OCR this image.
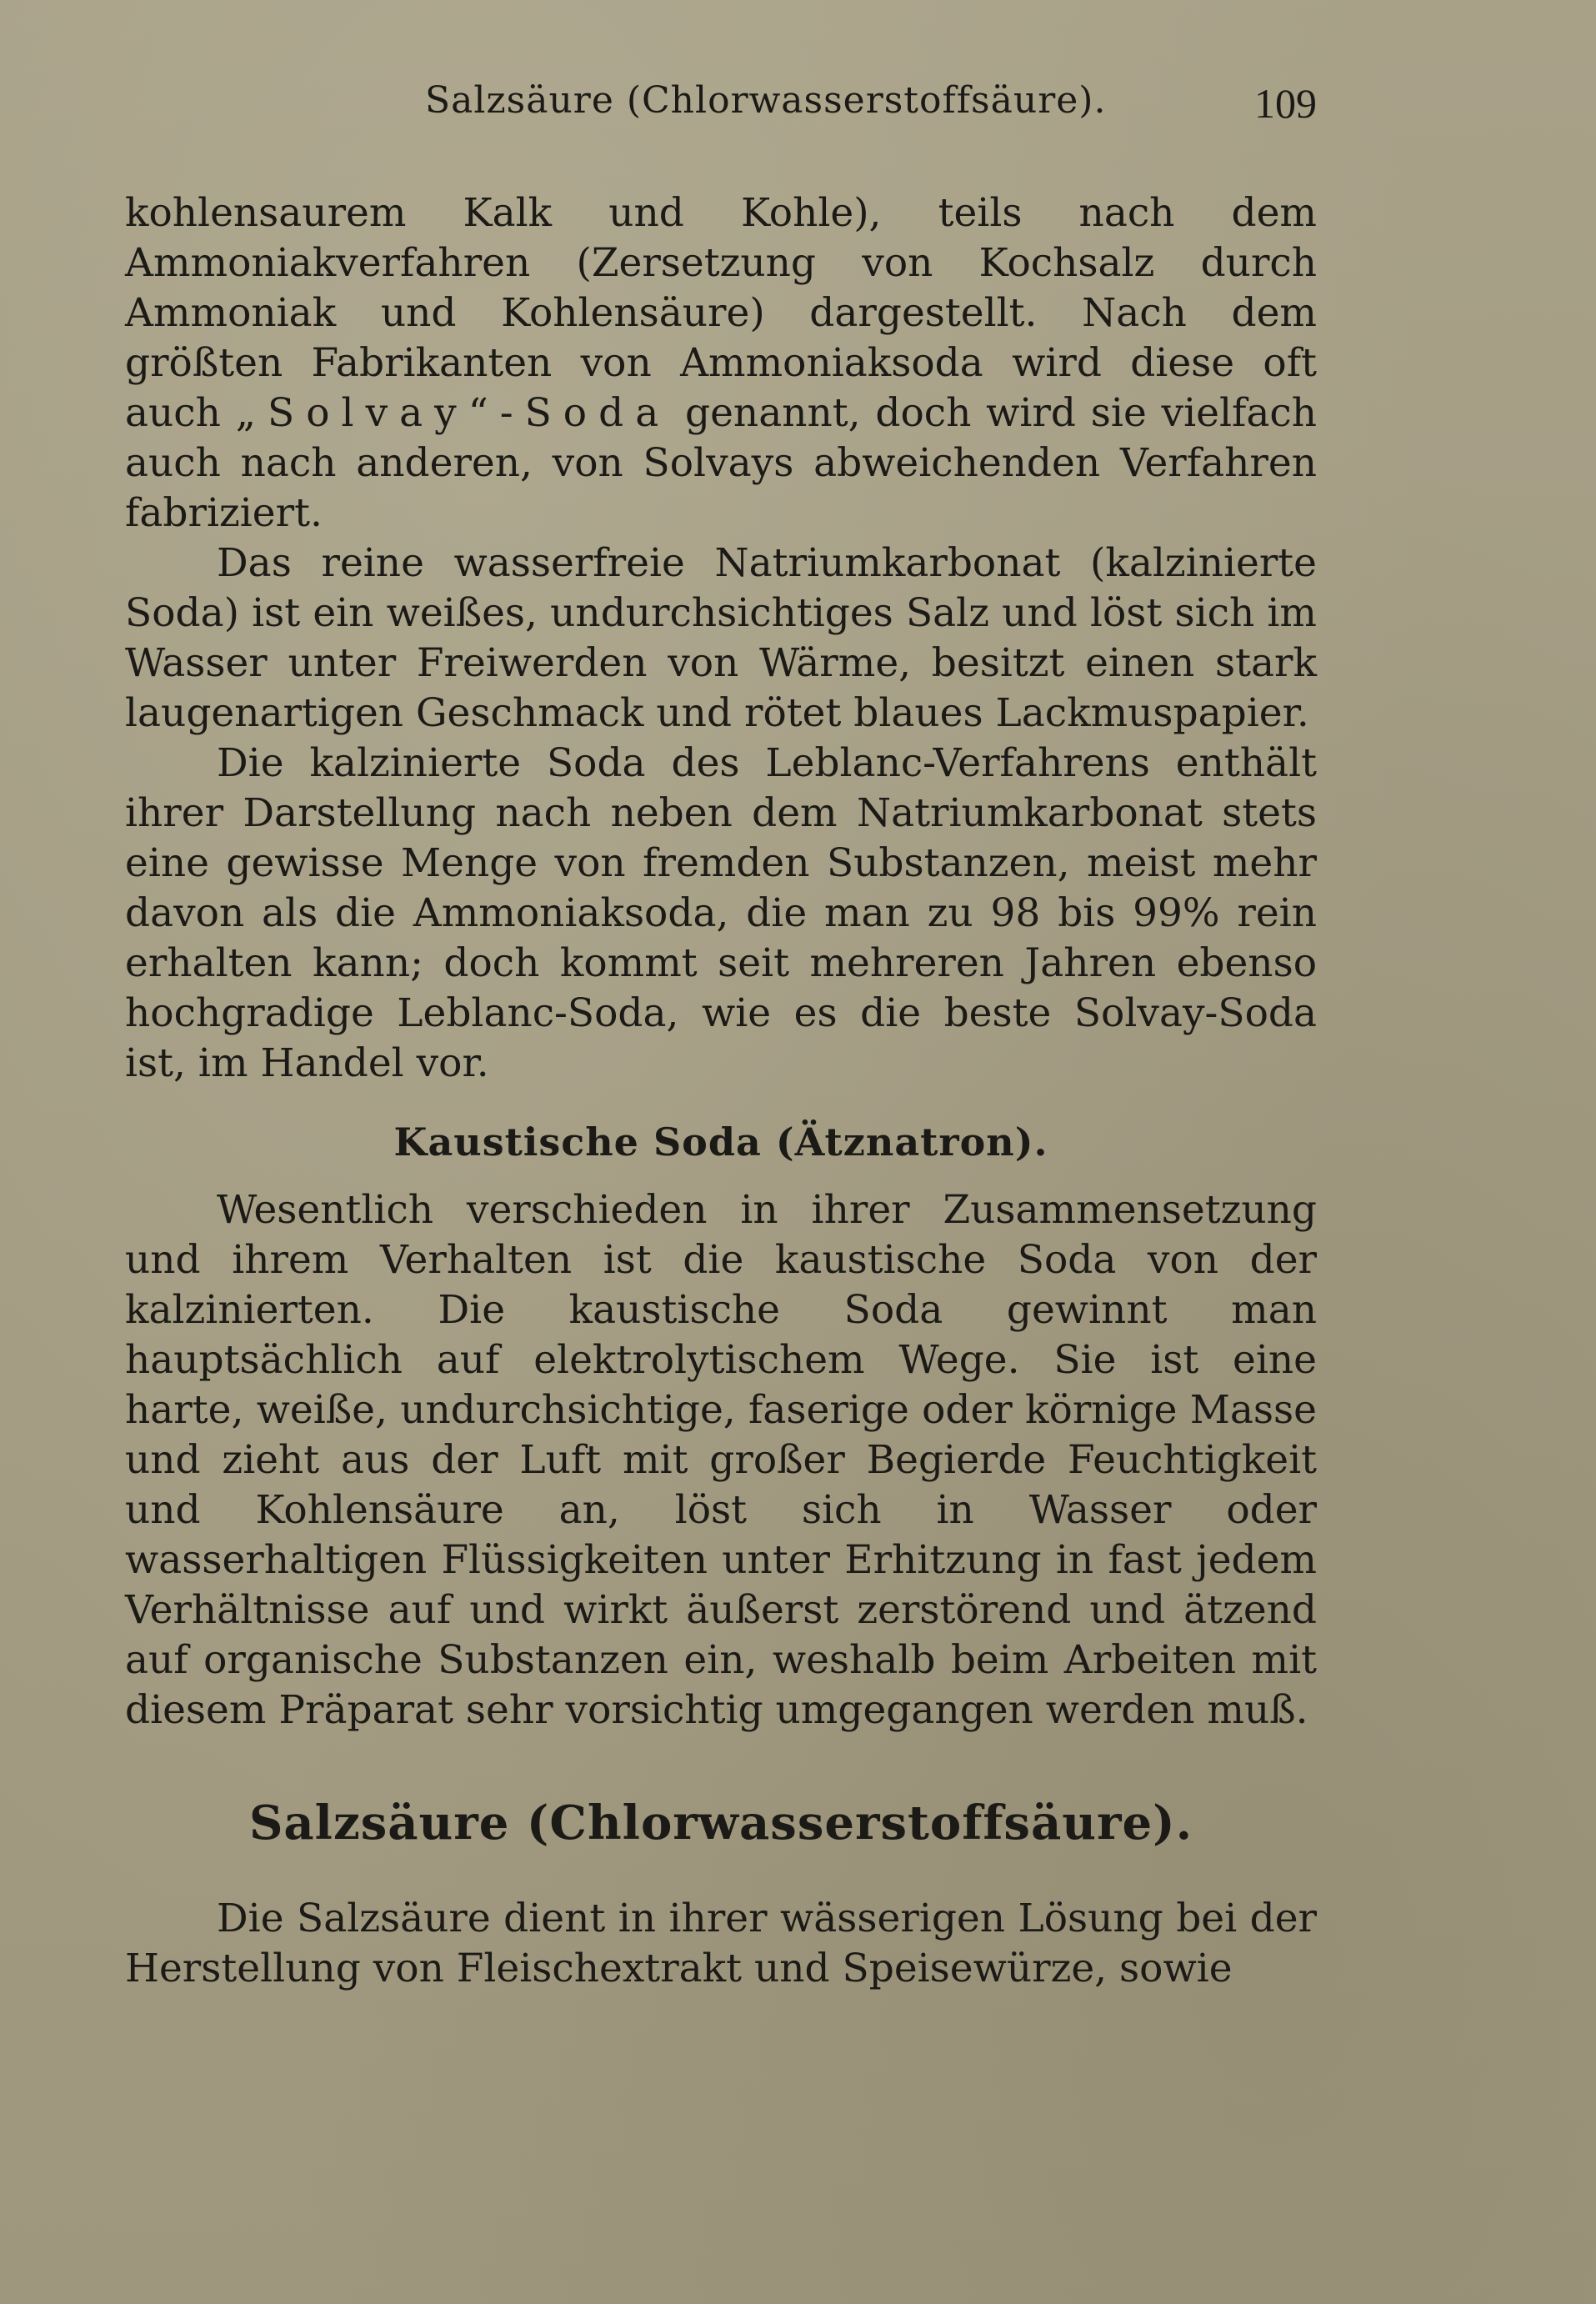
Salzsäure (Chlorwasserstoffsäure).	109

kohlensaurem Kalk und Kohle), teils nach dem Ammoniakverfahren (Zersetzung von Kochsalz durch Ammoniak und Kohlensäure) dargestellt. Nach dem größten Fabrikanten von Ammoniaksoda wird diese oft auch „Solvay“-Soda genannt, doch wird sie vielfach auch nach anderen, von Solvays abweichenden Verfahren fabriziert.

Das reine wasserfreie Natriumkarbonat (kalzinierte Soda) ist ein weißes, undurchsichtiges Salz und löst sich im Wasser unter Freiwerden von Wärme, besitzt einen stark laugenartigen Geschmack und rötet blaues Lackmuspapier.

Die kalzinierte Soda des Leblanc-Verfahrens enthält ihrer Darstellung nach neben dem Natriumkarbonat stets eine gewisse Menge von fremden Substanzen, meist mehr davon als die Ammoniaksoda, die man zu 98 bis 99% rein erhalten kann; doch kommt seit mehreren Jahren ebenso hochgradige Leblanc-Soda, wie es die beste Solvay-Soda ist, im Handel vor.

Kaustische Soda (Ätznatron).

Wesentlich verschieden in ihrer Zusammensetzung und ihrem Verhalten ist die kaustische Soda von der kalzinierten. Die kaustische Soda gewinnt man hauptsächlich auf elektrolytischem Wege. Sie ist eine harte, weiße, undurchsichtige, faserige oder körnige Masse und zieht aus der Luft mit großer Begierde Feuchtigkeit und Kohlensäure an, löst sich in Wasser oder wasserhaltigen Flüssigkeiten unter Erhitzung in fast jedem Verhältnisse auf und wirkt äußerst zerstörend und ätzend auf organische Substanzen ein, weshalb beim Arbeiten mit diesem Präparat sehr vorsichtig umgegangen werden muß.

Salzsäure (Chlorwasserstoffsäure).

Die Salzsäure dient in ihrer wässerigen Lösung bei der Herstellung von Fleischextrakt und Speisewürze, sowie
